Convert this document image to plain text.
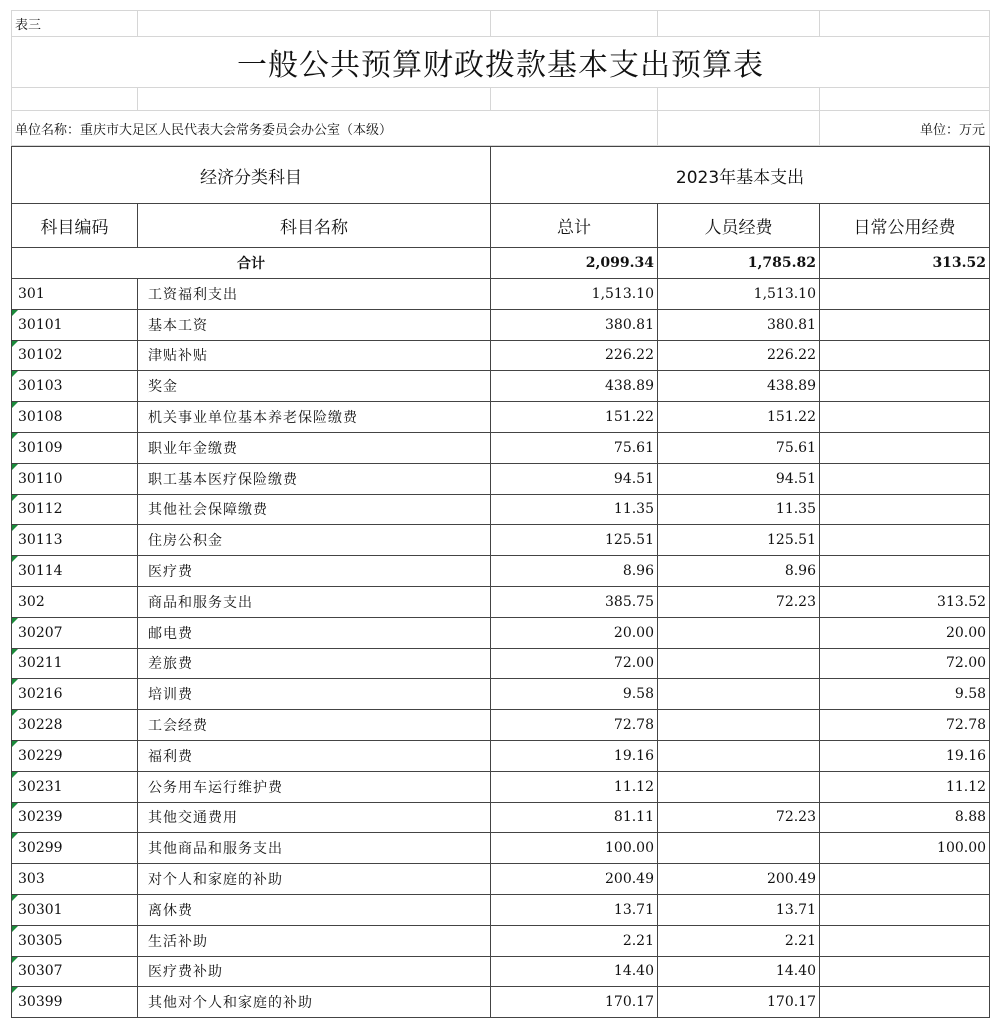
表三				
一般公共预算财政拨款基本支出预算表				

单位名称：重庆市大足区人民代表大会常务委员会办公室（本级）				单位：万元
经济分类科目		2023年基本支出		
科目编码	科目名称	总计	人员经费	日常公用经费
合计		2,099.34	1,785.82	313.52
301	工资福利支出	1,513.10	1,513.10	
30101	基本工资	380.81	380.81	
30102	津贴补贴	226.22	226.22	
30103	奖金	438.89	438.89	
30108	机关事业单位基本养老保险缴费	151.22	151.22	
30109	职业年金缴费	75.61	75.61	
30110	职工基本医疗保险缴费	94.51	94.51	
30112	其他社会保障缴费	11.35	11.35	
30113	住房公积金	125.51	125.51	
30114	医疗费	8.96	8.96	
302	商品和服务支出	385.75	72.23	313.52
30207	邮电费	20.00		20.00
30211	差旅费	72.00		72.00
30216	培训费	9.58		9.58
30228	工会经费	72.78		72.78
30229	福利费	19.16		19.16
30231	公务用车运行维护费	11.12		11.12
30239	其他交通费用	81.11	72.23	8.88
30299	其他商品和服务支出	100.00		100.00
303	对个人和家庭的补助	200.49	200.49	
30301	离休费	13.71	13.71	
30305	生活补助	2.21	2.21	
30307	医疗费补助	14.40	14.40	
30399	其他对个人和家庭的补助	170.17	170.17	
